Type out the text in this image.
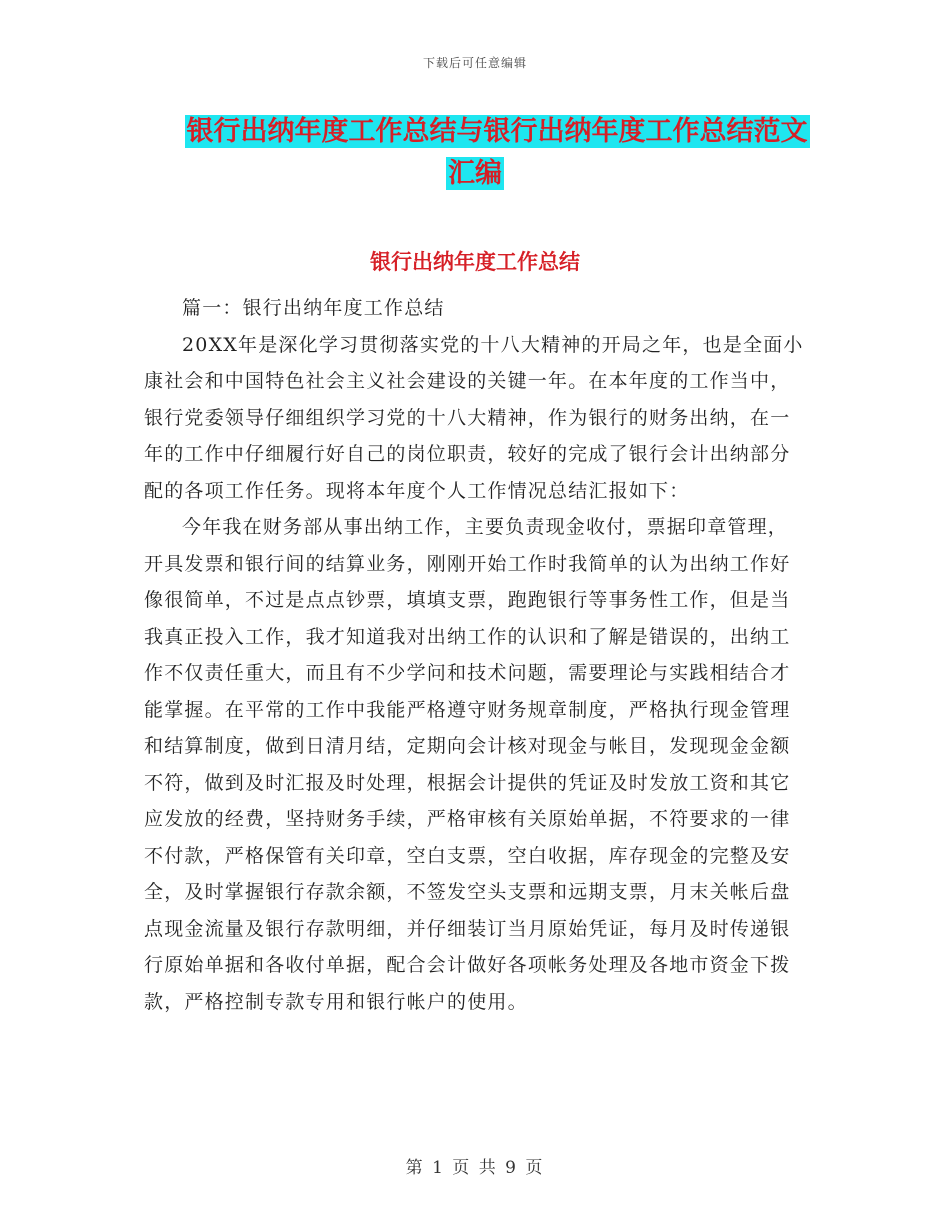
下载后可任意编辑
银行出纳年度工作总结与银行出纳年度工作总结范文
汇编
银行出纳年度工作总结

篇一：银行出纳年度工作总结

20XX年是深化学习贯彻落实党的十八大精神的开局之年，也是全面小康社会和中国特色社会主义社会建设的关键一年。在本年度的工作当中，银行党委领导仔细组织学习党的十八大精神，作为银行的财务出纳，在一年的工作中仔细履行好自己的岗位职责，较好的完成了银行会计出纳部分配的各项工作任务。现将本年度个人工作情况总结汇报如下：

今年我在财务部从事出纳工作，主要负责现金收付，票据印章管理，开具发票和银行间的结算业务，刚刚开始工作时我简单的认为出纳工作好像很简单，不过是点点钞票，填填支票，跑跑银行等事务性工作，但是当我真正投入工作，我才知道我对出纳工作的认识和了解是错误的，出纳工作不仅责任重大，而且有不少学问和技术问题，需要理论与实践相结合才能掌握。在平常的工作中我能严格遵守财务规章制度，严格执行现金管理和结算制度，做到日清月结，定期向会计核对现金与帐目，发现现金金额不符，做到及时汇报及时处理，根据会计提供的凭证及时发放工资和其它应发放的经费，坚持财务手续，严格审核有关原始单据，不符要求的一律不付款，严格保管有关印章，空白支票，空白收据，库存现金的完整及安全，及时掌握银行存款余额，不签发空头支票和远期支票，月末关帐后盘点现金流量及银行存款明细，并仔细装订当月原始凭证，每月及时传递银行原始单据和各收付单据，配合会计做好各项帐务处理及各地市资金下拨款，严格控制专款专用和银行帐户的使用。

第 1 页 共 9 页
